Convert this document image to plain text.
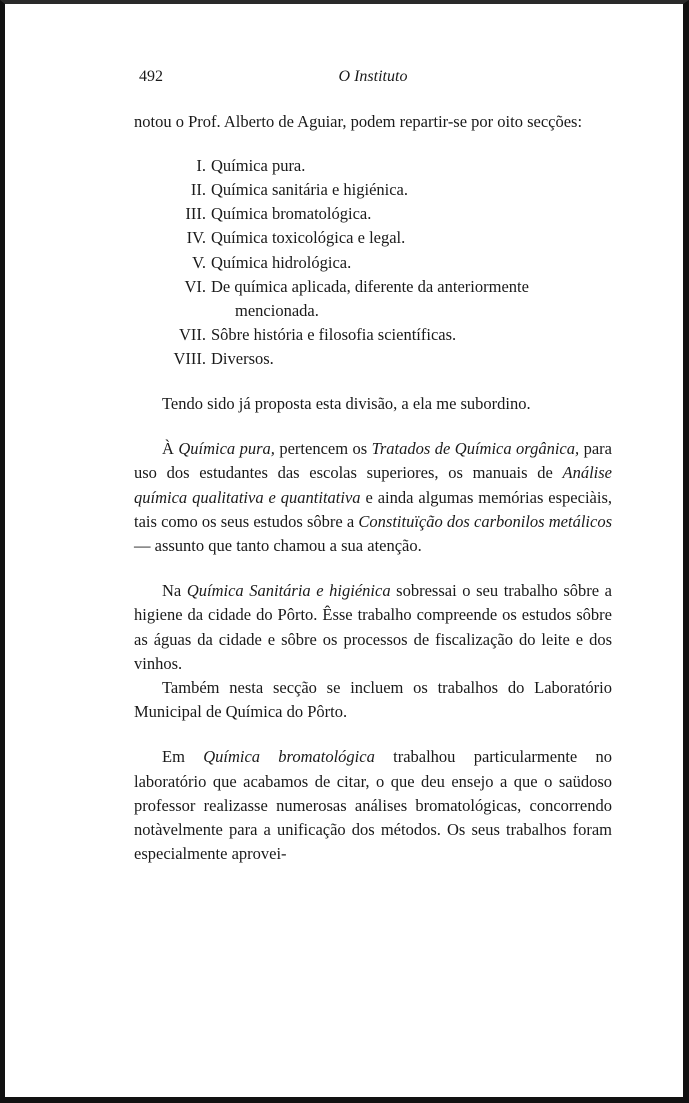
492	O Instituto

notou o Prof. Alberto de Aguiar, podem repartir-se por oito secções:

I. Química pura.
II. Química sanitária e higiénica.
III. Química bromatológica.
IV. Química toxicológica e legal.
V. Química hidrológica.
VI. De química aplicada, diferente da anteriormente
mencionada.
VII. Sôbre história e filosofia scientíficas.
VIII. Diversos.

Tendo sido já proposta esta divisão, a ela me subordino.

À Química pura, pertencem os Tratados de Química orgânica, para uso dos estudantes das escolas superiores, os manuais de Análise química qualitativa e quantitativa e ainda algumas memórias especiàis, tais como os seus estudos sôbre a Constituïção dos carbonilos metálicos — assunto que tanto chamou a sua atenção.

Na Química Sanitária e higiénica sobressai o seu trabalho sôbre a higiene da cidade do Pôrto. Êsse trabalho compreende os estudos sôbre as águas da cidade e sôbre os processos de fiscalização do leite e dos vinhos.

Também nesta secção se incluem os trabalhos do Laboratório Municipal de Química do Pôrto.

Em Química bromatológica trabalhou particularmente no laboratório que acabamos de citar, o que deu ensejo a que o saüdoso professor realizasse numerosas análises bromatológicas, concorrendo notàvelmente para a unificação dos métodos. Os seus trabalhos foram especialmente aprovei-
